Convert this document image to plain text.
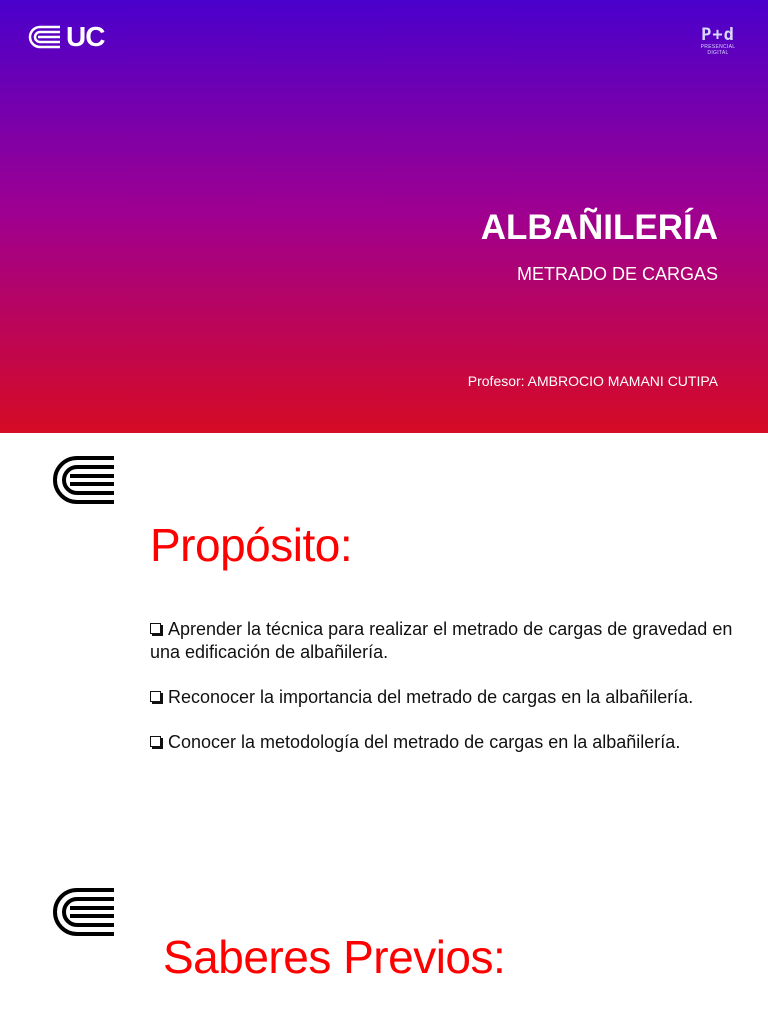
UC	P+d
PRESENCIAL DIGITAL
ALBAÑILERÍA
METRADO DE CARGAS
Profesor: AMBROCIO MAMANI CUTIPA
Propósito:
Aprender la técnica para realizar el metrado de cargas de gravedad en una edificación de albañilería.
Reconocer la importancia del metrado de cargas en la albañilería.
Conocer la metodología del metrado de cargas en la albañilería.
Saberes Previos:
